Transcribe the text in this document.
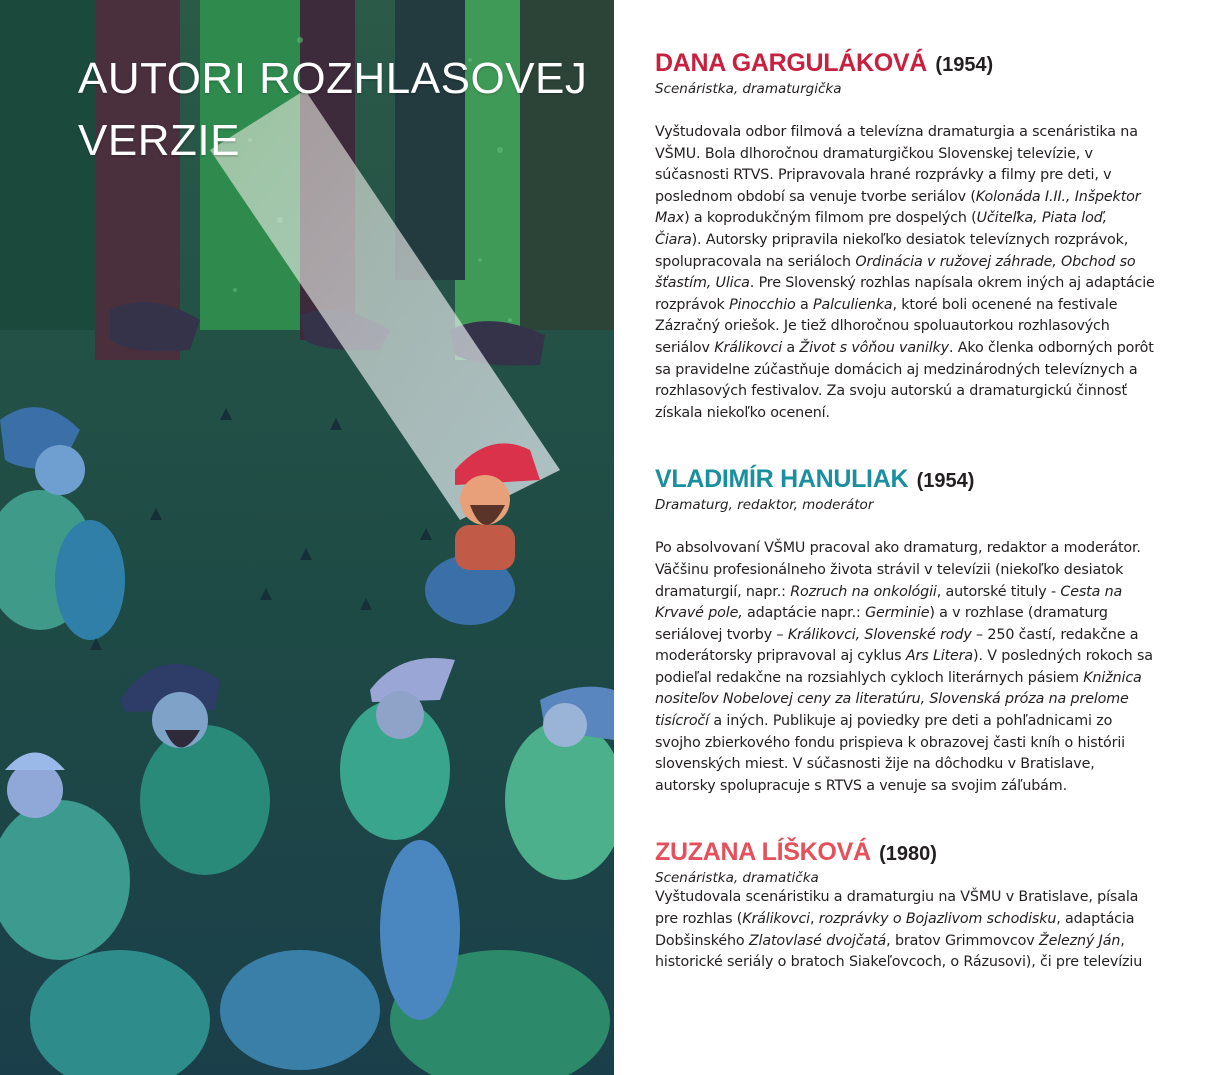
AUTORI ROZHLASOVEJ
VERZIE
DANA GARGULÁKOVÁ (1954)

Scenáristka, dramaturgička

Vyštudovala odbor filmová a televízna dramaturgia a scenáristika na VŠMU. Bola dlhoročnou dramaturgičkou Slovenskej televízie, v súčasnosti RTVS. Pripravovala hrané rozprávky a filmy pre deti, v poslednom období sa venuje tvorbe seriálov (Kolonáda I.II., Inšpektor Max) a koprodukčným filmom pre dospelých (Učiteľka, Piata loď, Čiara). Autorsky pripravila niekoľko desiatok televíznych rozprávok, spolupracovala na seriáloch Ordinácia v ružovej záhrade, Obchod so šťastím, Ulica. Pre Slovenský rozhlas napísala okrem iných aj adaptácie rozprávok Pinocchio a Palculienka, ktoré boli ocenené na festivale Zázračný oriešok. Je tiež dlhoročnou spoluautorkou rozhlasových seriálov Králikovci a Život s vôňou vanilky. Ako členka odborných porôt sa pravidelne zúčastňuje domácich aj medzinárodných televíznych a rozhlasových festivalov. Za svoju autorskú a dramaturgickú činnosť získala niekoľko ocenení.

VLADIMÍR HANULIAK (1954)

Dramaturg, redaktor, moderátor

Po absolvovaní VŠMU pracoval ako dramaturg, redaktor a moderátor. Väčšinu profesionálneho života strávil v televízii (niekoľko desiatok dramaturgií, napr.: Rozruch na onkológii, autorské tituly - Cesta na Krvavé pole, adaptácie napr.: Germinie) a v rozhlase (dramaturg seriálovej tvorby – Králikovci, Slovenské rody – 250 častí, redakčne a moderátorsky pripravoval aj cyklus Ars Litera). V posledných rokoch sa podieľal redakčne na rozsiahlych cykloch literárnych pásiem Knižnica nositeľov Nobelovej ceny za literatúru, Slovenská próza na prelome tisícročí a iných. Publikuje aj poviedky pre deti a pohľadnicami zo svojho zbierkového fondu prispieva k obrazovej časti kníh o histórii slovenských miest. V súčasnosti žije na dôchodku v Bratislave, autorsky spolupracuje s RTVS a venuje sa svojim záľubám.

ZUZANA LÍŠKOVÁ (1980)

Scenáristka, dramatička

Vyštudovala scenáristiku a dramaturgiu na VŠMU v Bratislave, písala pre rozhlas (Králikovci, rozprávky o Bojazlivom schodisku, adaptácia Dobšinského Zlatovlasé dvojčatá, bratov Grimmovcov Železný Ján, historické seriály o bratoch Siakeľovcoch, o Rázusovi), či pre televíziu
